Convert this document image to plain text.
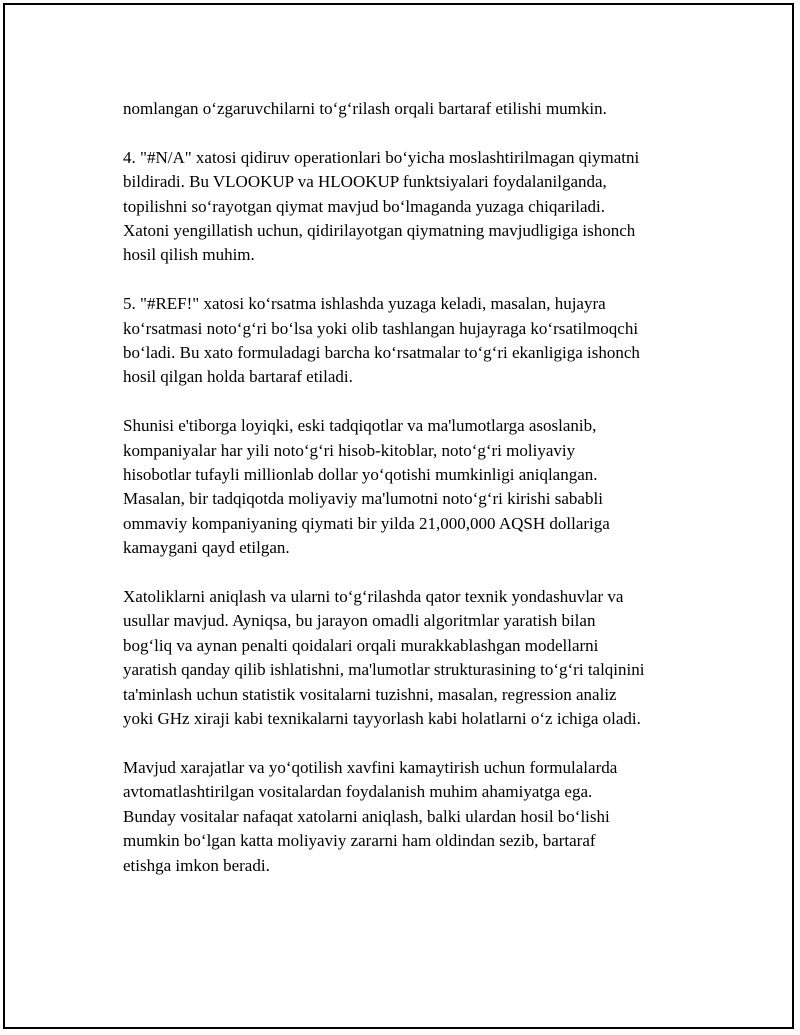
nomlangan o‘zgaruvchilarni to‘g‘rilash orqali bartaraf etilishi mumkin.

4. "#N/A" xatosi qidiruv operationlari bo‘yicha moslashtirilmagan qiymatni
bildiradi. Bu VLOOKUP va HLOOKUP funktsiyalari foydalanilganda,
topilishni so‘rayotgan qiymat mavjud bo‘lmaganda yuzaga chiqariladi.
Xatoni yengillatish uchun, qidirilayotgan qiymatning mavjudligiga ishonch
hosil qilish muhim.

5. "#REF!" xatosi ko‘rsatma ishlashda yuzaga keladi, masalan, hujayra
ko‘rsatmasi noto‘g‘ri bo‘lsa yoki olib tashlangan hujayraga ko‘rsatilmoqchi
bo‘ladi. Bu xato formuladagi barcha ko‘rsatmalar to‘g‘ri ekanligiga ishonch
hosil qilgan holda bartaraf etiladi.

Shunisi e'tiborga loyiqki, eski tadqiqotlar va ma'lumotlarga asoslanib,
kompaniyalar har yili noto‘g‘ri hisob-kitoblar, noto‘g‘ri moliyaviy
hisobotlar tufayli millionlab dollar yo‘qotishi mumkinligi aniqlangan.
Masalan, bir tadqiqotda moliyaviy ma'lumotni noto‘g‘ri kirishi sababli
ommaviy kompaniyaning qiymati bir yilda 21,000,000 AQSH dollariga
kamaygani qayd etilgan.

Xatoliklarni aniqlash va ularni to‘g‘rilashda qator texnik yondashuvlar va
usullar mavjud. Ayniqsa, bu jarayon omadli algoritmlar yaratish bilan
bog‘liq va aynan penalti qoidalari orqali murakkablashgan modellarni
yaratish qanday qilib ishlatishni, ma'lumotlar strukturasining to‘g‘ri talqinini
ta'minlash uchun statistik vositalarni tuzishni, masalan, regression analiz
yoki GHz xiraji kabi texnikalarni tayyorlash kabi holatlarni o‘z ichiga oladi.

Mavjud xarajatlar va yo‘qotilish xavfini kamaytirish uchun formulalarda
avtomatlashtirilgan vositalardan foydalanish muhim ahamiyatga ega.
Bunday vositalar nafaqat xatolarni aniqlash, balki ulardan hosil bo‘lishi
mumkin bo‘lgan katta moliyaviy zararni ham oldindan sezib, bartaraf
etishga imkon beradi.
